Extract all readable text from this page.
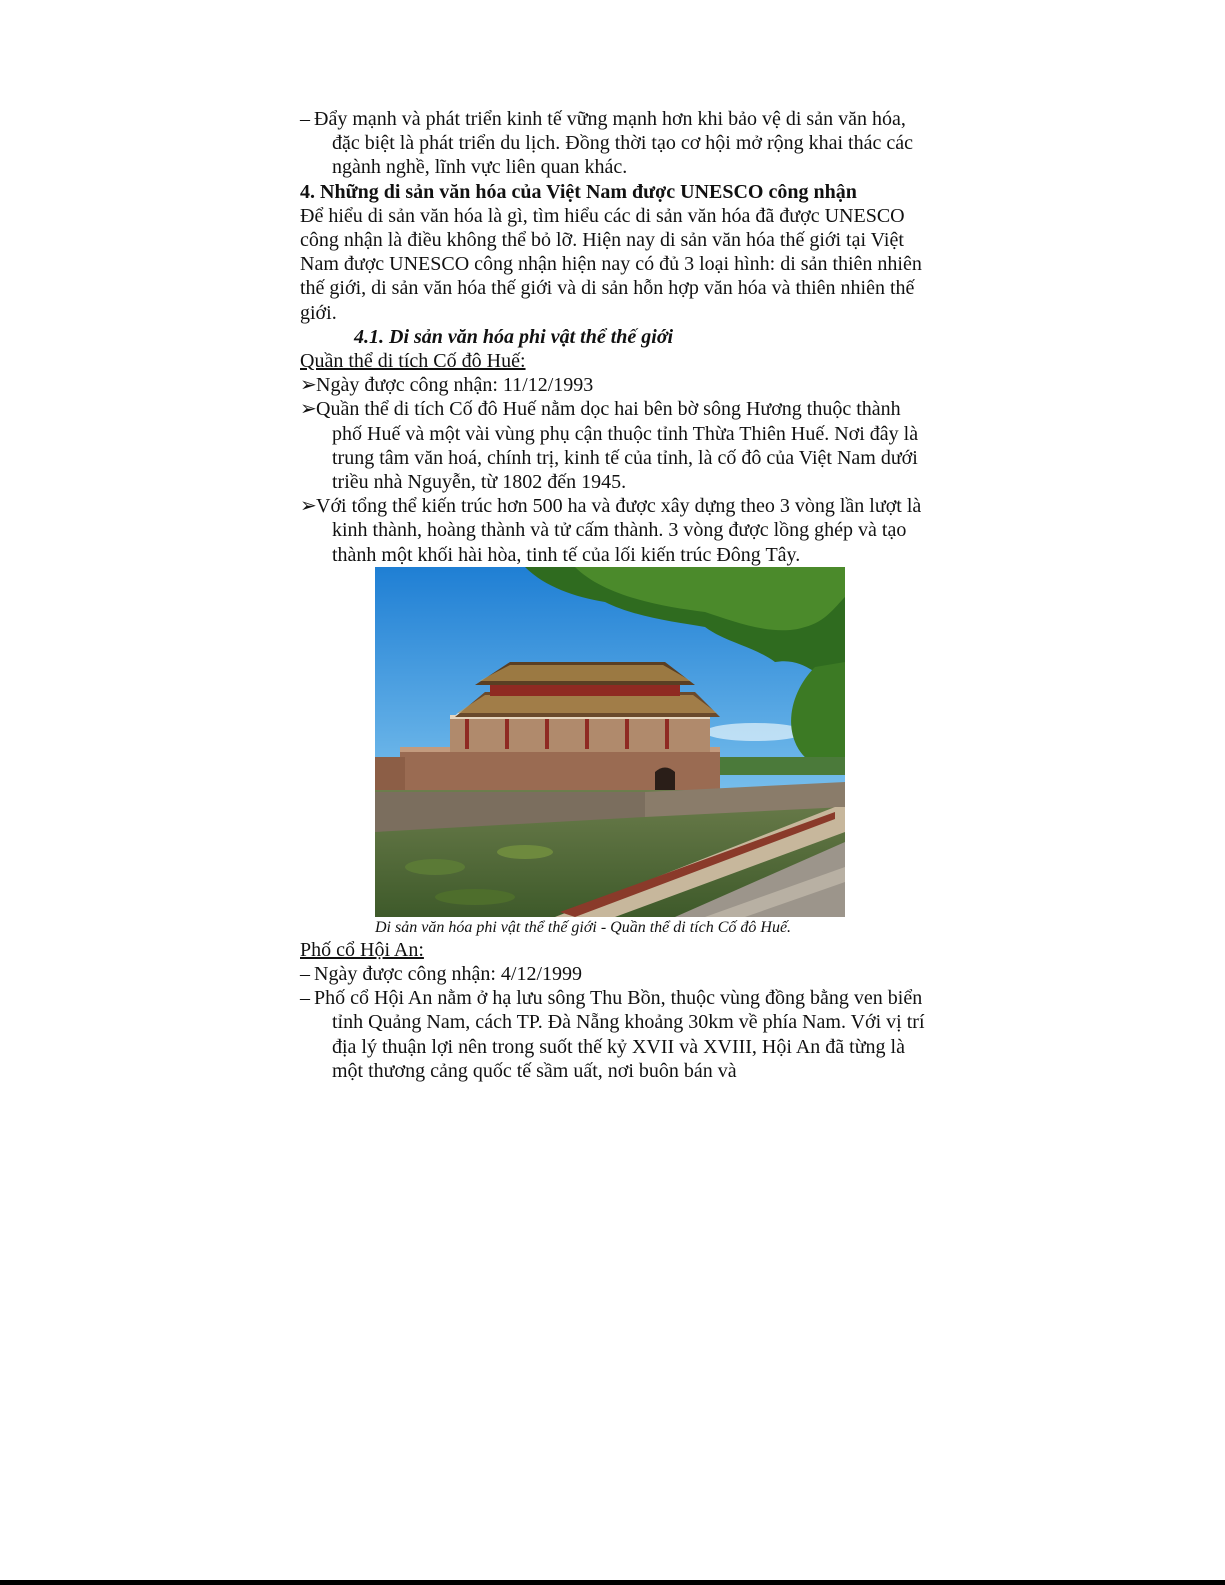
– Đẩy mạnh và phát triển kinh tế vững mạnh hơn khi bảo vệ di sản văn hóa, đặc biệt là phát triển du lịch. Đồng thời tạo cơ hội mở rộng khai thác các ngành nghề, lĩnh vực liên quan khác.
4. Những di sản văn hóa của Việt Nam được UNESCO công nhận
Để hiểu di sản văn hóa là gì, tìm hiểu các di sản văn hóa đã được UNESCO công nhận là điều không thể bỏ lỡ. Hiện nay di sản văn hóa thế giới tại Việt Nam được UNESCO công nhận hiện nay có đủ 3 loại hình: di sản thiên nhiên thế giới, di sản văn hóa thế giới và di sản hỗn hợp văn hóa và thiên nhiên thế giới.
4.1. Di sản văn hóa phi vật thể thế giới
Quần thể di tích Cố đô Huế:
➢Ngày được công nhận: 11/12/1993
➢Quần thể di tích Cố đô Huế nằm dọc hai bên bờ sông Hương thuộc thành phố Huế và một vài vùng phụ cận thuộc tỉnh Thừa Thiên Huế. Nơi đây là trung tâm văn hoá, chính trị, kinh tế của tỉnh, là cố đô của Việt Nam dưới triều nhà Nguyễn, từ 1802 đến 1945.
➢Với tổng thể kiến trúc hơn 500 ha và được xây dựng theo 3 vòng lần lượt là kinh thành, hoàng thành và tử cấm thành. 3 vòng được lồng ghép và tạo thành một khối hài hòa, tinh tế của lối kiến trúc Đông Tây.
Di sản văn hóa phi vật thể thế giới - Quần thể di tích Cố đô Huế.
Phố cổ Hội An:
– Ngày được công nhận: 4/12/1999
– Phố cổ Hội An nằm ở hạ lưu sông Thu Bồn, thuộc vùng đồng bằng ven biển tỉnh Quảng Nam, cách TP. Đà Nẵng khoảng 30km về phía Nam. Với vị trí địa lý thuận lợi nên trong suốt thế kỷ XVII và XVIII, Hội An đã từng là một thương cảng quốc tế sầm uất, nơi buôn bán và
